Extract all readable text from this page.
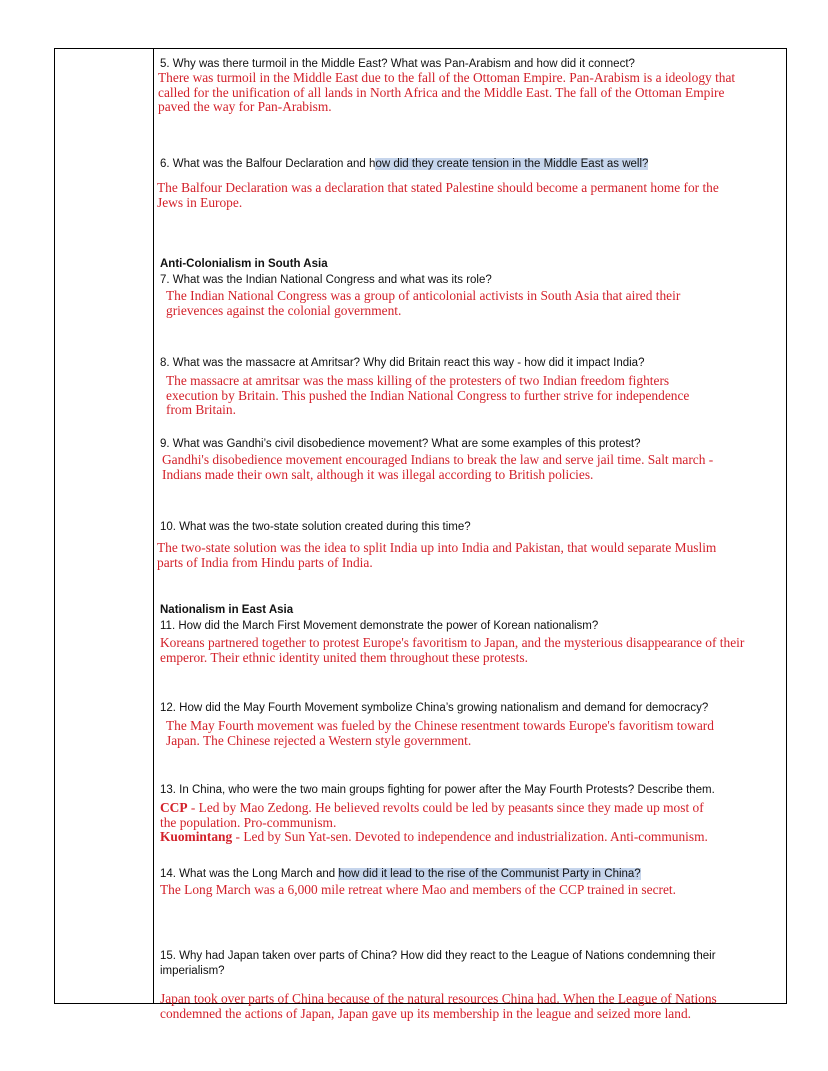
5. Why was there turmoil in the Middle East? What was Pan-Arabism and how did it connect?

There was turmoil in the Middle East due to the fall of the Ottoman Empire. Pan-Arabism is a ideology that
called for the unification of all lands in North Africa and the Middle East. The fall of the Ottoman Empire
paved the way for Pan-Arabism.

6. What was the Balfour Declaration and how did they create tension in the Middle East as well?

The Balfour Declaration was a declaration that stated Palestine should become a permanent home for the
Jews in Europe.

Anti-Colonialism in South Asia

7. What was the Indian National Congress and what was its role?

The Indian National Congress was a group of anticolonial activists in South Asia that aired their
grievences against the colonial government.

8. What was the massacre at Amritsar? Why did Britain react this way - how did it impact India?

The massacre at amritsar was the mass killing of the protesters of two Indian freedom fighters
execution by Britain. This pushed the Indian National Congress to further strive for independence
from Britain.

9. What was Gandhi’s civil disobedience movement? What are some examples of this protest?

Gandhi's disobedience movement encouraged Indians to break the law and serve jail time. Salt march -
Indians made their own salt, although it was illegal according to British policies.

10. What was the two-state solution created during this time?

The two-state solution was the idea to split India up into India and Pakistan, that would separate Muslim
parts of India from Hindu parts of India.

Nationalism in East Asia

11. How did the March First Movement demonstrate the power of Korean nationalism?

Koreans partnered together to protest Europe's favoritism to Japan, and the mysterious disappearance of their
emperor. Their ethnic identity united them throughout these protests.

12. How did the May Fourth Movement symbolize China’s growing nationalism and demand for democracy?

The May Fourth movement was fueled by the Chinese resentment towards Europe's favoritism toward
Japan. The Chinese rejected a Western style government.

13. In China, who were the two main groups fighting for power after the May Fourth Protests? Describe them.

CCP - Led by Mao Zedong. He believed revolts could be led by peasants since they made up most of
the population. Pro-communism.
Kuomintang - Led by Sun Yat-sen. Devoted to independence and industrialization. Anti-communism.

14. What was the Long March and how did it lead to the rise of the Communist Party in China?

The Long March was a 6,000 mile retreat where Mao and members of the CCP trained in secret.

15. Why had Japan taken over parts of China? How did they react to the League of Nations condemning their
imperialism?

Japan took over parts of China because of the natural resources China had. When the League of Nations
condemned the actions of Japan, Japan gave up its membership in the league and seized more land.
